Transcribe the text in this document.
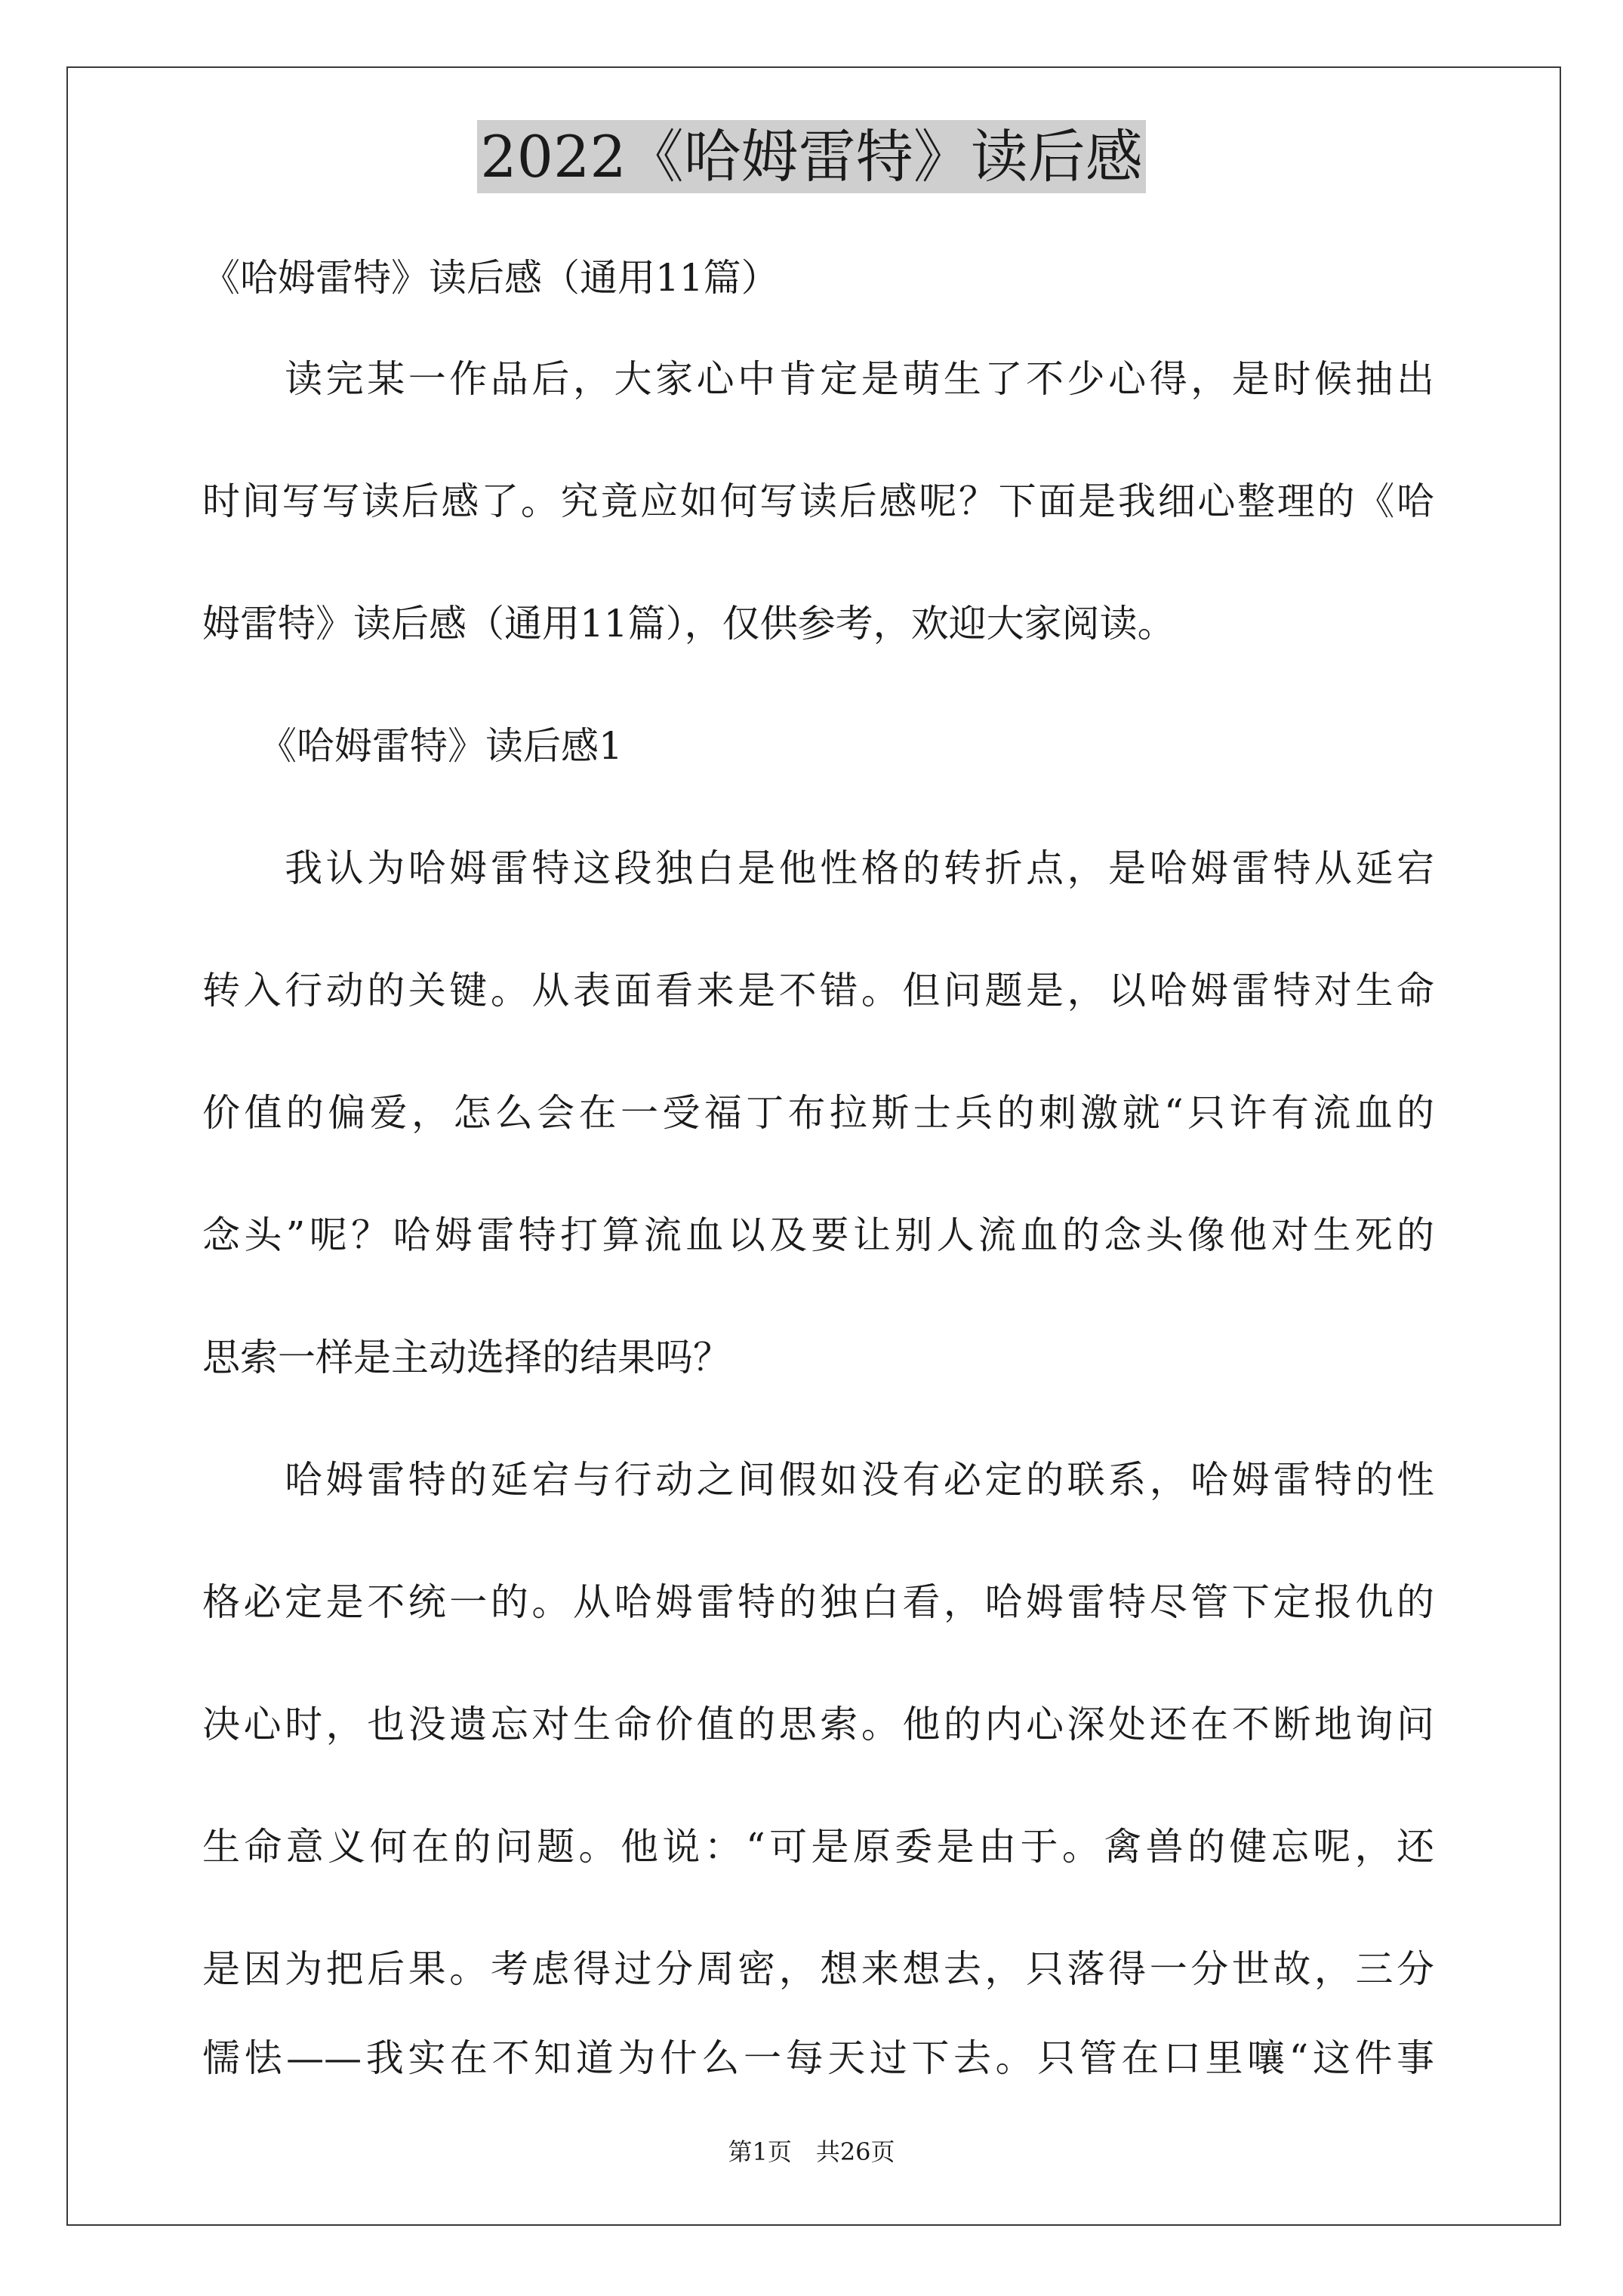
2022《哈姆雷特》读后感
《哈姆雷特》读后感（通用11篇）
　　读完某一作品后，大家心中肯定是萌生了不少心得，是时候抽出
时间写写读后感了。究竟应如何写读后感呢？下面是我细心整理的《哈
姆雷特》读后感（通用11篇），仅供参考，欢迎大家阅读。
　　《哈姆雷特》读后感1
　　我认为哈姆雷特这段独白是他性格的转折点，是哈姆雷特从延宕
转入行动的关键。从表面看来是不错。但问题是，以哈姆雷特对生命
价值的偏爱，怎么会在一受福丁布拉斯士兵的刺激就“只许有流血的
念头”呢？哈姆雷特打算流血以及要让别人流血的念头像他对生死的
思索一样是主动选择的结果吗？
　　哈姆雷特的延宕与行动之间假如没有必定的联系，哈姆雷特的性
格必定是不统一的。从哈姆雷特的独白看，哈姆雷特尽管下定报仇的
决心时，也没遗忘对生命价值的思索。他的内心深处还在不断地询问
生命意义何在的问题。他说：“可是原委是由于。禽兽的健忘呢，还
是因为把后果。考虑得过分周密，想来想去，只落得一分世故，三分
第1页　共26页
懦怯——我实在不知道为什么一每天过下去。只管在口里嚷“这件事
